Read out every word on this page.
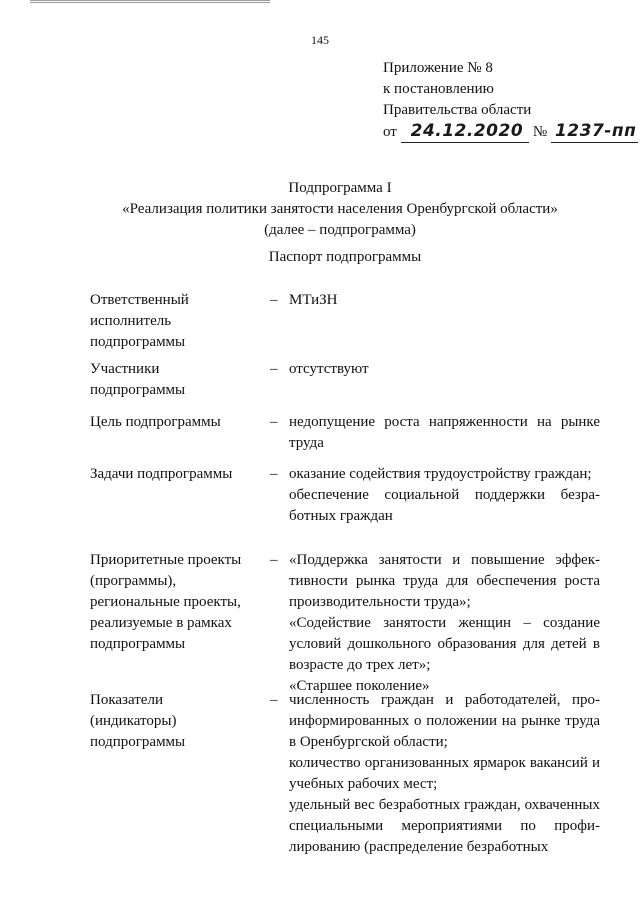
145
Приложение № 8
к постановлению
Правительства области
от 24.12.2020 № 1237-пп
Подпрограмма I
«Реализация политики занятости населения Оренбургской области»
(далее – подпрограмма)
Паспорт подпрограммы
Ответственный
исполнитель
подпрограммы
– МТиЗН
Участники
подпрограммы
– отсутствуют
Цель подпрограммы	– недопущение роста напряженности на рынке труда
Задачи подпрограммы	– оказание содействия трудоустройству граждан;

обеспечение социальной поддержки безработных граждан

Приоритетные проекты
(программы),
региональные проекты,
реализуемые в рамках
подпрограммы
– «Поддержка занятости и повышение эффективности рынка труда для обеспечения роста производительности труда»;

«Содействие занятости женщин – создание условий дошкольного образования для детей в возрасте до трех лет»;

«Старшее поколение»

Показатели
(индикаторы)
подпрограммы
– численность граждан и работодателей, проинформированных о положении на рынке труда в Оренбургской области;

количество организованных ярмарок вакансий и учебных рабочих мест;

удельный вес безработных граждан, охваченных специальными мероприятиями по профилированию (распределение безработных
